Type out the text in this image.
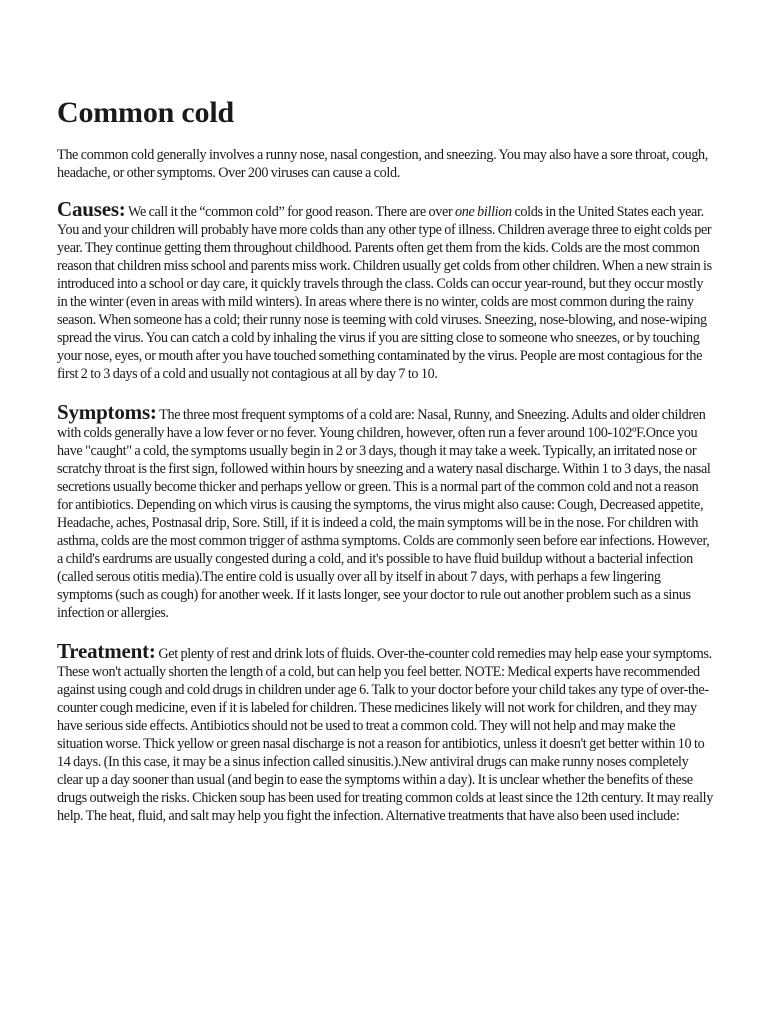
Common cold

The common cold generally involves a runny nose, nasal congestion, and sneezing. You may also have a sore throat, cough, headache, or other symptoms. Over 200 viruses can cause a cold.

Causes: We call it the “common cold” for good reason. There are over one billion colds in the United States each year. You and your children will probably have more colds than any other type of illness. Children average three to eight colds per year. They continue getting them throughout childhood. Parents often get them from the kids. Colds are the most common reason that children miss school and parents miss work. Children usually get colds from other children. When a new strain is introduced into a school or day care, it quickly travels through the class. Colds can occur year-round, but they occur mostly in the winter (even in areas with mild winters). In areas where there is no winter, colds are most common during the rainy season. When someone has a cold; their runny nose is teeming with cold viruses. Sneezing, nose-blowing, and nose-wiping spread the virus. You can catch a cold by inhaling the virus if you are sitting close to someone who sneezes, or by touching your nose, eyes, or mouth after you have touched something contaminated by the virus. People are most contagious for the first 2 to 3 days of a cold and usually not contagious at all by day 7 to 10.

Symptoms: The three most frequent symptoms of a cold are: Nasal, Runny, and Sneezing. Adults and older children with colds generally have a low fever or no fever. Young children, however, often run a fever around 100-102ºF.Once you have "caught" a cold, the symptoms usually begin in 2 or 3 days, though it may take a week. Typically, an irritated nose or scratchy throat is the first sign, followed within hours by sneezing and a watery nasal discharge. Within 1 to 3 days, the nasal secretions usually become thicker and perhaps yellow or green. This is a normal part of the common cold and not a reason for antibiotics. Depending on which virus is causing the symptoms, the virus might also cause: Cough, Decreased appetite, Headache, aches, Postnasal drip, Sore. Still, if it is indeed a cold, the main symptoms will be in the nose. For children with asthma, colds are the most common trigger of asthma symptoms. Colds are commonly seen before ear infections. However, a child's eardrums are usually congested during a cold, and it's possible to have fluid buildup without a bacterial infection (called serous otitis media).The entire cold is usually over all by itself in about 7 days, with perhaps a few lingering symptoms (such as cough) for another week. If it lasts longer, see your doctor to rule out another problem such as a sinus infection or allergies.

Treatment: Get plenty of rest and drink lots of fluids. Over-the-counter cold remedies may help ease your symptoms. These won't actually shorten the length of a cold, but can help you feel better. NOTE: Medical experts have recommended against using cough and cold drugs in children under age 6. Talk to your doctor before your child takes any type of over-the-counter cough medicine, even if it is labeled for children. These medicines likely will not work for children, and they may have serious side effects. Antibiotics should not be used to treat a common cold. They will not help and may make the situation worse. Thick yellow or green nasal discharge is not a reason for antibiotics, unless it doesn't get better within 10 to 14 days. (In this case, it may be a sinus infection called sinusitis.).New antiviral drugs can make runny noses completely clear up a day sooner than usual (and begin to ease the symptoms within a day). It is unclear whether the benefits of these drugs outweigh the risks. Chicken soup has been used for treating common colds at least since the 12th century. It may really help. The heat, fluid, and salt may help you fight the infection. Alternative treatments that have also been used include:
